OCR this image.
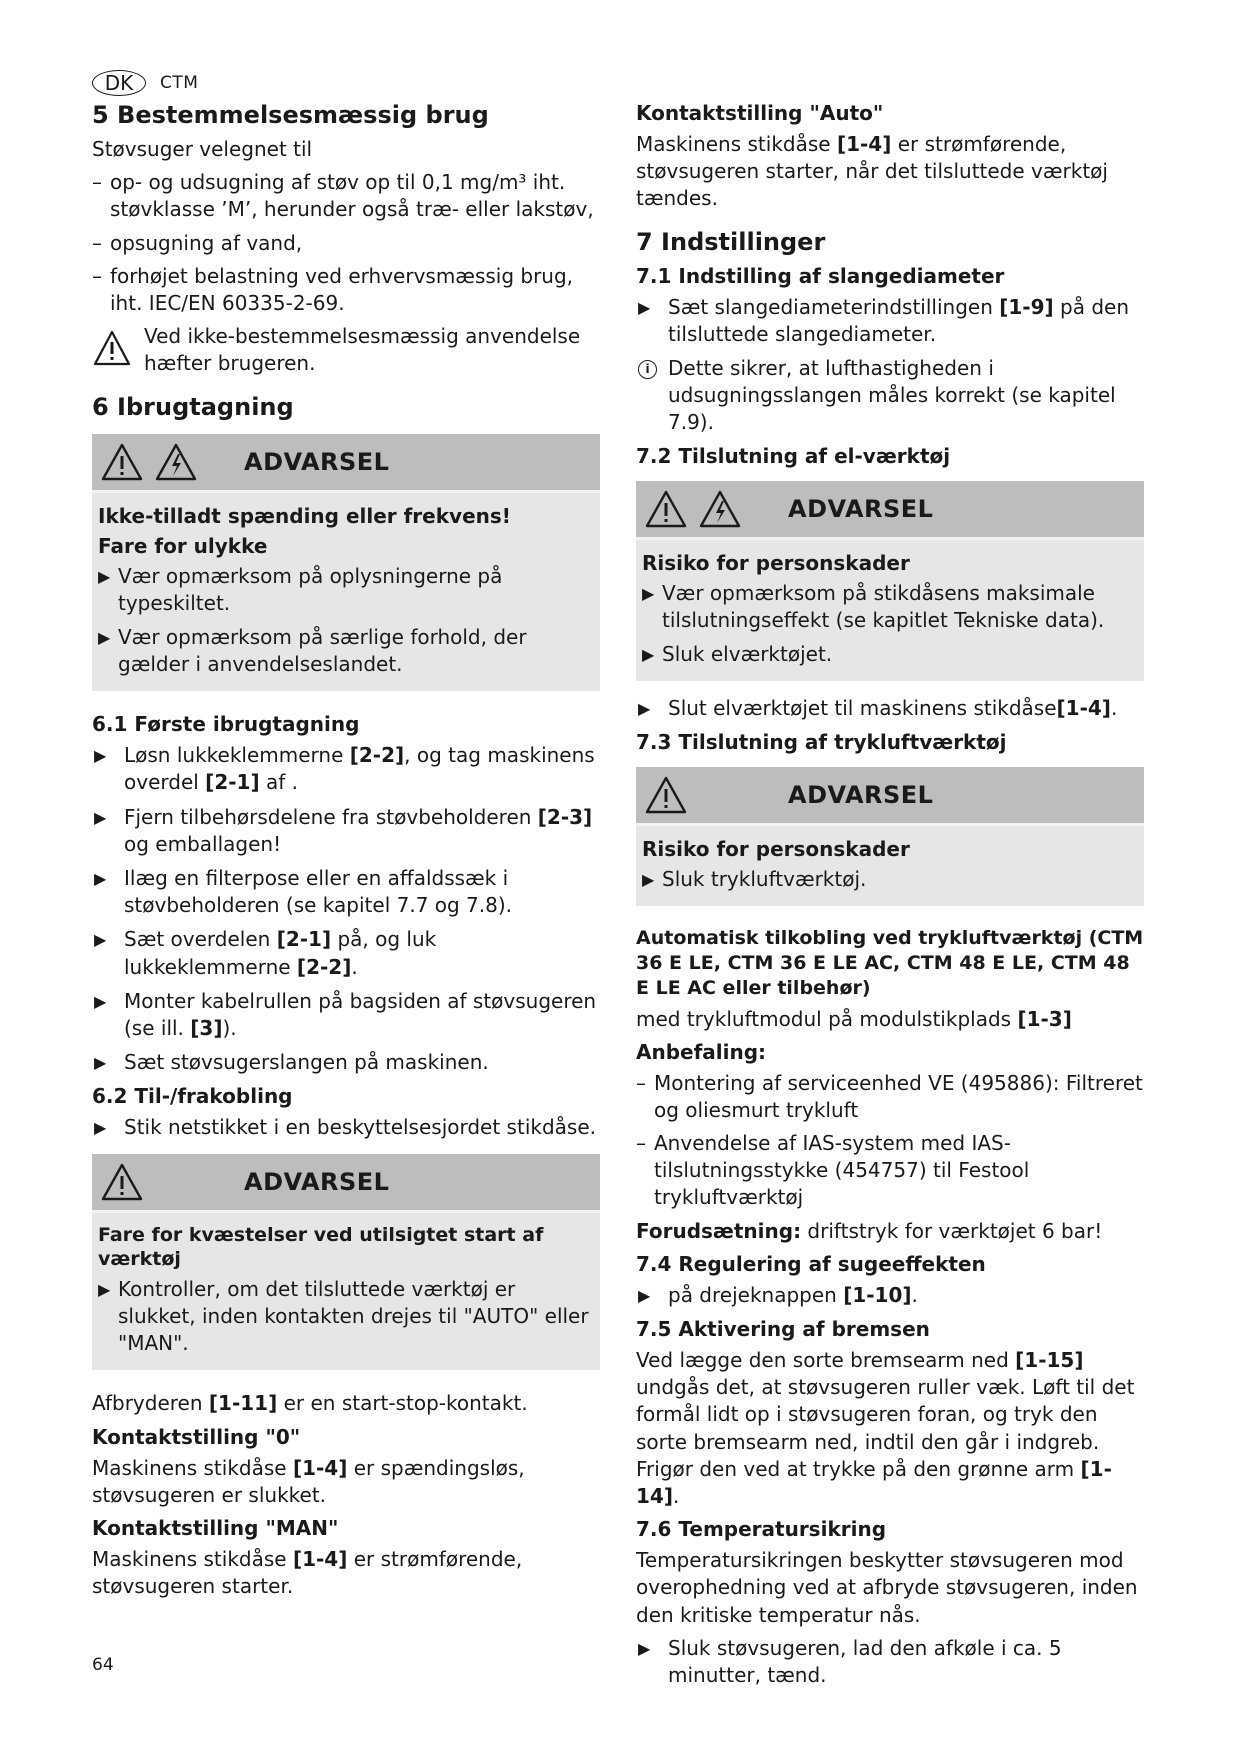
DK	CTM
5 Bestemmelsesmæssig brug
Støvsuger velegnet til
– op- og udsugning af støv op til 0,1 mg/m³ iht. støvklasse ’M’, herunder også træ- eller lakstøv,
– opsugning af vand,
– forhøjet belastning ved erhvervsmæssig brug, iht. IEC/EN 60335-2-69.
Ved ikke-bestemmelsesmæssig anvendelse hæfter brugeren.
6 Ibrugtagning
ADVARSEL
Ikke-tilladt spænding eller frekvens!
Fare for ulykke
▶ Vær opmærksom på oplysningerne på typeskiltet.
▶ Vær opmærksom på særlige forhold, der gælder i anvendelseslandet.
6.1 Første ibrugtagning
▶ Løsn lukkeklemmerne [2-2], og tag maskinens overdel [2-1] af .
▶ Fjern tilbehørsdelene fra støvbeholderen [2-3] og emballagen!
▶ Ilæg en filterpose eller en affaldssæk i støvbeholderen (se kapitel 7.7 og 7.8).
▶ Sæt overdelen [2-1] på, og luk lukkeklemmerne [2-2].
▶ Monter kabelrullen på bagsiden af støvsugeren (se ill. [3]).
▶ Sæt støvsugerslangen på maskinen.
6.2 Til-/frakobling
▶ Stik netstikket i en beskyttelsesjordet stikdåse.
ADVARSEL
Fare for kvæstelser ved utilsigtet start af værktøj
▶ Kontroller, om det tilsluttede værktøj er slukket, inden kontakten drejes til "AUTO" eller "MAN".
Afbryderen [1-11] er en start-stop-kontakt.
Kontaktstilling "0"
Maskinens stikdåse [1-4] er spændingsløs, støvsugeren er slukket.
Kontaktstilling "MAN"
Maskinens stikdåse [1-4] er strømførende, støvsugeren starter.
Kontaktstilling "Auto"
Maskinens stikdåse [1-4] er strømførende, støvsugeren starter, når det tilsluttede værktøj tændes.
7 Indstillinger
7.1 Indstilling af slangediameter
▶ Sæt slangediameterindstillingen [1-9] på den tilsluttede slangediameter.
i Dette sikrer, at lufthastigheden i udsugningsslangen måles korrekt (se kapitel 7.9).
7.2 Tilslutning af el-værktøj
ADVARSEL
Risiko for personskader
▶ Vær opmærksom på stikdåsens maksimale tilslutningseffekt (se kapitlet Tekniske data).
▶ Sluk elværktøjet.
▶ Slut elværktøjet til maskinens stikdåse[1-4].
7.3 Tilslutning af trykluftværktøj
ADVARSEL
Risiko for personskader
▶ Sluk trykluftværktøj.
Automatisk tilkobling ved trykluftværktøj (CTM 36 E LE, CTM 36 E LE AC, CTM 48 E LE, CTM 48 E LE AC eller tilbehør)
med trykluftmodul på modulstikplads [1-3]
Anbefaling:
– Montering af serviceenhed VE (495886): Filtreret og oliesmurt trykluft
– Anvendelse af IAS-system med IAS-tilslutningsstykke (454757) til Festool trykluftværktøj
Forudsætning: driftstryk for værktøjet 6 bar!
7.4 Regulering af sugeeffekten
▶ på drejeknappen [1-10].
7.5 Aktivering af bremsen
Ved lægge den sorte bremsearm ned [1-15] undgås det, at støvsugeren ruller væk. Løft til det formål lidt op i støvsugeren foran, og tryk den sorte bremsearm ned, indtil den går i indgreb. Frigør den ved at trykke på den grønne arm [1-14].
7.6 Temperatursikring
Temperatursikringen beskytter støvsugeren mod overophedning ved at afbryde støvsugeren, inden den kritiske temperatur nås.
▶ Sluk støvsugeren, lad den afkøle i ca. 5 minutter, tænd.
64
